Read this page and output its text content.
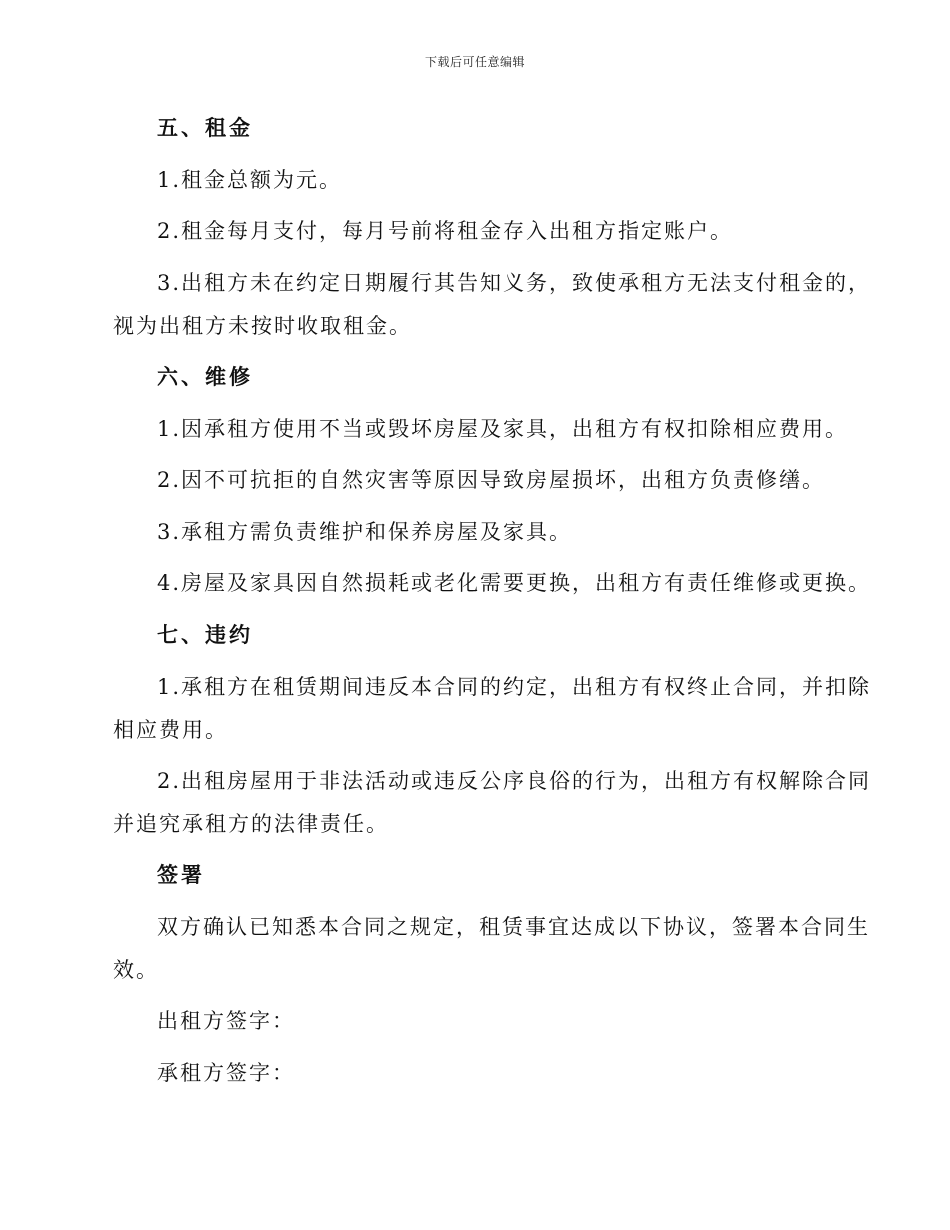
下载后可任意编辑
五、租金
1.租金总额为元。
2.租金每月支付，每月号前将租金存入出租方指定账户。
3.出租方未在约定日期履行其告知义务，致使承租方无法支付租金的，
视为出租方未按时收取租金。
六、维修
1.因承租方使用不当或毁坏房屋及家具，出租方有权扣除相应费用。
2.因不可抗拒的自然灾害等原因导致房屋损坏，出租方负责修缮。
3.承租方需负责维护和保养房屋及家具。
4.房屋及家具因自然损耗或老化需要更换，出租方有责任维修或更换。
七、违约
1.承租方在租赁期间违反本合同的约定，出租方有权终止合同，并扣除
相应费用。
2.出租房屋用于非法活动或违反公序良俗的行为，出租方有权解除合同
并追究承租方的法律责任。
签署
双方确认已知悉本合同之规定，租赁事宜达成以下协议，签署本合同生
效。
出租方签字：
承租方签字：
